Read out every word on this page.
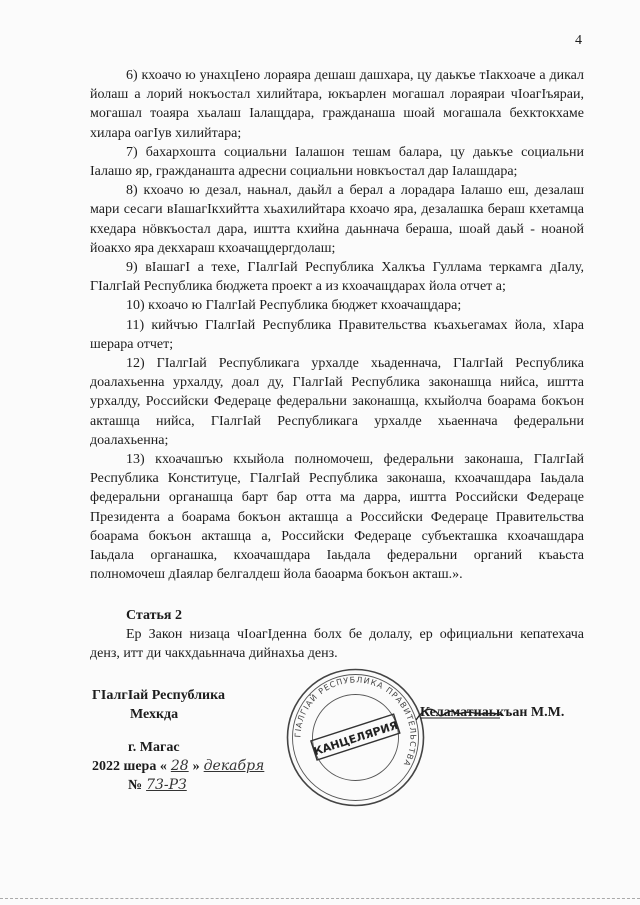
4

6) кхоачо ю унахцIено лораяра дешаш дашхара, цу даькъе тIакхоачe а дикал йолаш а лорий нокъостал хилийтара, юкъарлен могашал лораяраи чIоагIъяраи, могашал тоаяра хьалаш Iалащдара, гражданаша шоай могашала бехктокхаме хилара оагIув хилийтара;

7) бахархошта социальни Iалашон тешам балара, цу даькъе социальни Iалашо яр, гражданашта адресни социальни новкъостал дар Iалашдара;

8) кхоачо ю дезал, наьнал, даьйл а берал а лорадара Iалашо еш, дезалаш мари сесаги вIашагIкхийтта хьахилийтара кхоачо яра, дезалашка бераш кхетамца кхедара нӧвкъостал дара, иштта кхийна даьннача бераша, шоай даьй - ноанoй йоакхо яра декхараш кхоачащдергдолаш;

9) вIашагI а техе, ГIалгIай Республика Халкъа Гуллама теркамга дIалу, ГIалгIай Республика бюджета проект а из кхоачащдарах йола отчет а;

10) кхоачо ю ГIалгIай Республика бюджет кхоачащдара;

11) кийчъю ГIалгIай Республика Правительства къахьегамах йола, хIара шерара отчет;

12) ГIалгIай Республикага урхалде хьаденнача, ГIалгIай Республика доалахьенна урхалду, доал ду, ГIалгIай Республика законашца нийса, иштта урхалду, Российски Федераце федеральни законашца, кхыйолча боарама бокъон акташца нийса, ГIалгIай Республикага урхалде хьаеннача федеральни доалахьенна;

13) кхоачашъю кхыйола полномочеш, федеральни законаша, ГIалгIай Республика Конституце, ГIалгIай Республика законаша, кхоачашдара Iаьдала федеральни органашца барт бар отта ма дарра, иштта Российски Федераце Президента а боарама бокъон акташца а Российски Федераце Правительства боарама бокъон акташца а, Российски Федераце субъекташка кхоачашдара Iаьдала органашка, кхоачашдара Iаьдала федеральни органий къаьста полномочеш дIаялар белгалдеш йола баоарма бокъон акташ.».

Статья 2

Ер Закон низаца чIоагIденна болх бе долалу, ер официальни кепатехача денз, итт ди чакхдаьннача дийнахьа денз.

ГIалгIай Республика
Мехкда
г. Магас
2022 шера « 28 » декабря
№ 73-РЗ
Келаматнаькъан М.М.
ГIАЛГIАЙ РЕСПУБЛИКА ПРАВИТЕЛЬСТВА
КАНЦЕЛЯРИЯ
